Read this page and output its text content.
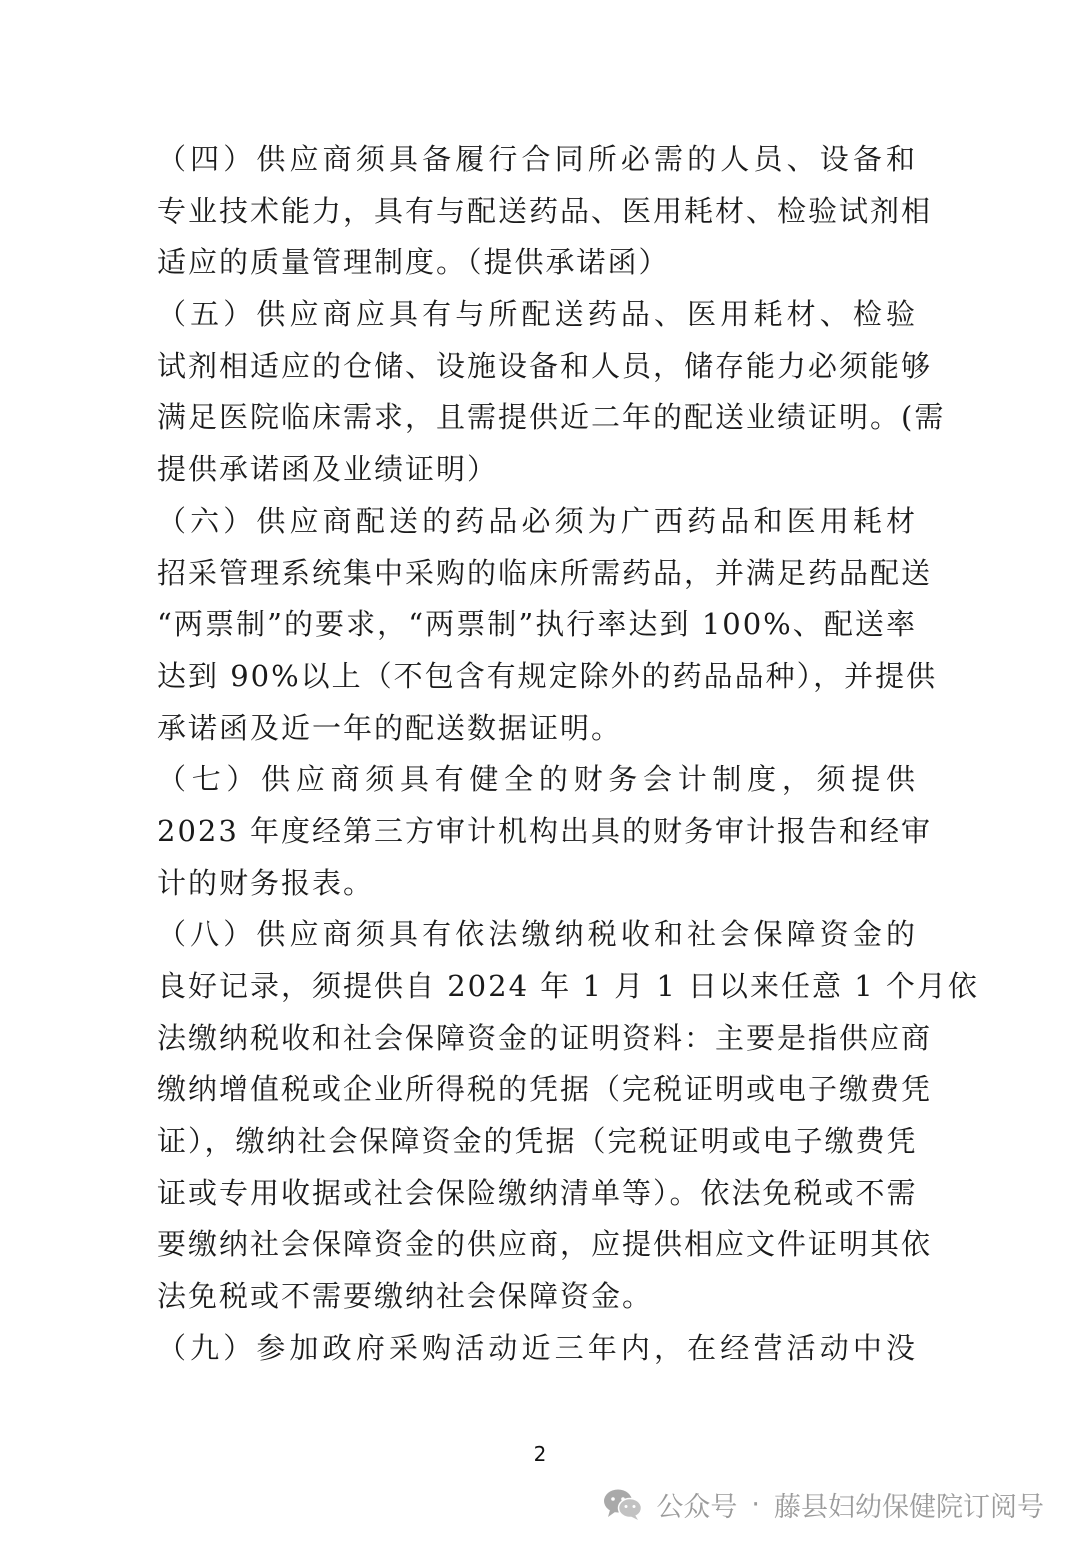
（四）供应商须具备履行合同所必需的人员、设备和
专业技术能力，具有与配送药品、医用耗材、检验试剂相
适应的质量管理制度。（提供承诺函）
（五）供应商应具有与所配送药品、医用耗材、检验
试剂相适应的仓储、设施设备和人员，储存能力必须能够
满足医院临床需求，且需提供近二年的配送业绩证明。(需
提供承诺函及业绩证明）
（六）供应商配送的药品必须为广西药品和医用耗材
招采管理系统集中采购的临床所需药品，并满足药品配送
“两票制”的要求，“两票制”执行率达到 100%、配送率
达到 90%以上（不包含有规定除外的药品品种），并提供
承诺函及近一年的配送数据证明。
（七）供应商须具有健全的财务会计制度，须提供
2023 年度经第三方审计机构出具的财务审计报告和经审
计的财务报表。
（八）供应商须具有依法缴纳税收和社会保障资金的
良好记录，须提供自 2024 年 1 月 1 日以来任意 1 个月依
法缴纳税收和社会保障资金的证明资料：主要是指供应商
缴纳增值税或企业所得税的凭据（完税证明或电子缴费凭
证），缴纳社会保障资金的凭据（完税证明或电子缴费凭
证或专用收据或社会保险缴纳清单等）。依法免税或不需
要缴纳社会保障资金的供应商，应提供相应文件证明其依
法免税或不需要缴纳社会保障资金。
（九）参加政府采购活动近三年内，在经营活动中没
2
公众号 · 藤县妇幼保健院订阅号
